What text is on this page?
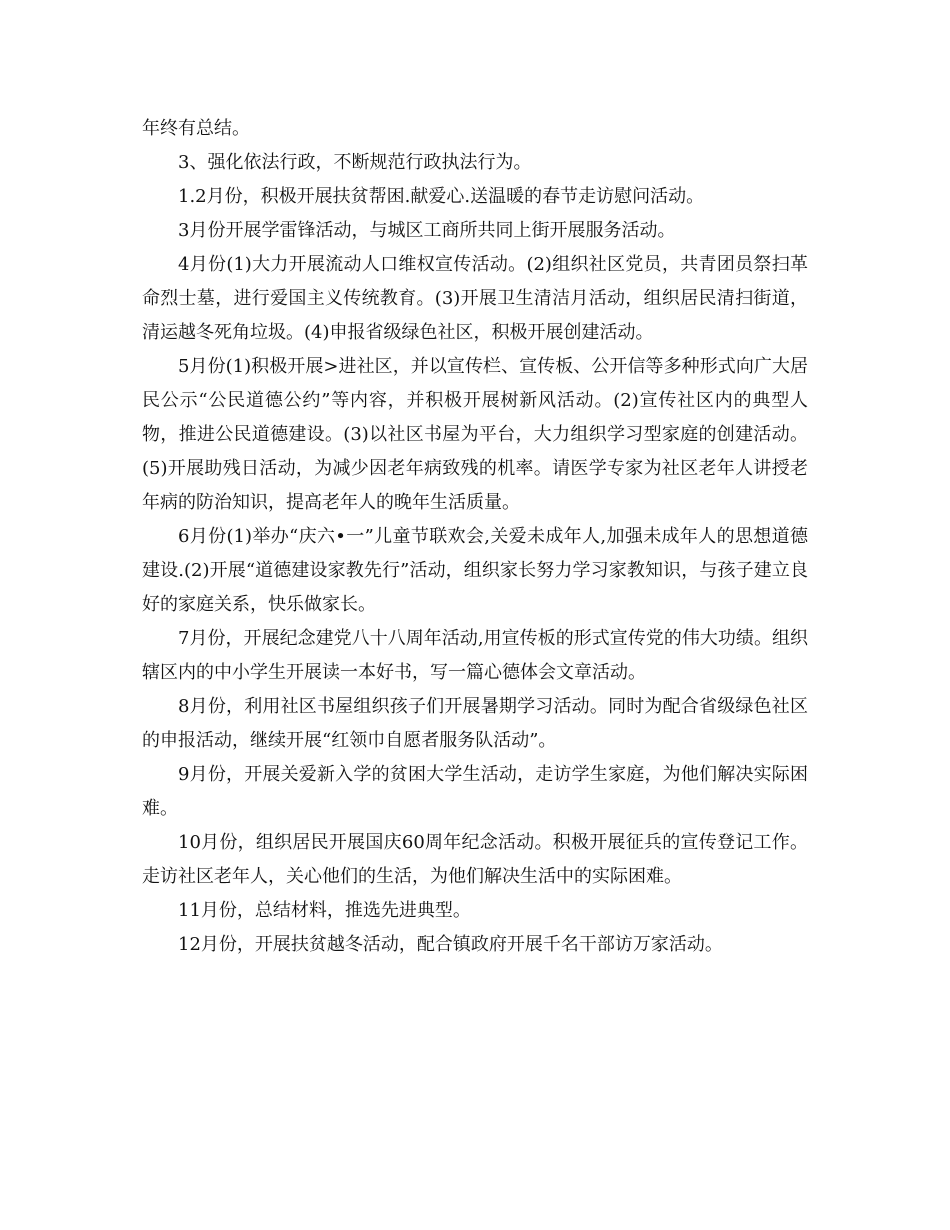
年终有总结。

3、强化依法行政，不断规范行政执法行为。

1.2月份，积极开展扶贫帮困.献爱心.送温暖的春节走访慰问活动。

3月份开展学雷锋活动，与城区工商所共同上街开展服务活动。

4月份(1)大力开展流动人口维权宣传活动。(2)组织社区党员，共青团员祭扫革命烈士墓，进行爱国主义传统教育。(3)开展卫生清洁月活动，组织居民清扫街道，清运越冬死角垃圾。(4)申报省级绿色社区，积极开展创建活动。

5月份(1)积极开展>进社区，并以宣传栏、宣传板、公开信等多种形式向广大居民公示“公民道德公约”等内容，并积极开展树新风活动。(2)宣传社区内的典型人物，推进公民道德建设。(3)以社区书屋为平台，大力组织学习型家庭的创建活动。(5)开展助残日活动，为减少因老年病致残的机率。请医学专家为社区老年人讲授老年病的防治知识，提高老年人的晚年生活质量。

6月份(1)举办“庆六•一”儿童节联欢会,关爱未成年人,加强未成年人的思想道德建设.(2)开展“道德建设家教先行”活动，组织家长努力学习家教知识，与孩子建立良好的家庭关系，快乐做家长。

7月份，开展纪念建党八十八周年活动,用宣传板的形式宣传党的伟大功绩。组织辖区内的中小学生开展读一本好书，写一篇心德体会文章活动。

8月份，利用社区书屋组织孩子们开展暑期学习活动。同时为配合省级绿色社区的申报活动，继续开展“红领巾自愿者服务队活动”。

9月份，开展关爱新入学的贫困大学生活动，走访学生家庭，为他们解决实际困难。

10月份，组织居民开展国庆60周年纪念活动。积极开展征兵的宣传登记工作。走访社区老年人，关心他们的生活，为他们解决生活中的实际困难。

11月份，总结材料，推选先进典型。

12月份，开展扶贫越冬活动，配合镇政府开展千名干部访万家活动。
